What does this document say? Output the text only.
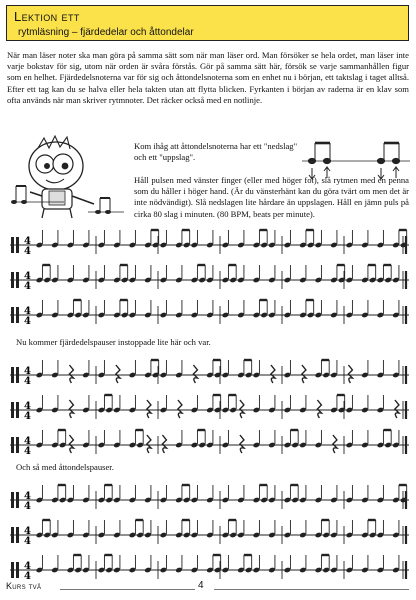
Lektion ett
rytmläsning – fjärdedelar och åttondelar

När man läser noter ska man göra på samma sätt som när man läser ord. Man försöker se hela ordet, man läser inte varje bokstav för sig, utom när orden är svåra förstås. Gör på samma sätt här, försök se varje sammanhållen figur som en helhet. Fjärdedelsnoterna var för sig och åttondelsnoterna som en enhet nu i början, ett taktslag i taget alltså. Efter ett tag kan du se halva eller hela takten utan att flytta blicken. Fyrkanten i början av raderna är en klav som ofta används när man skriver rytmnoter. Det räcker också med en notlinje.

Kom ihåg att åttondelsnoterna har ett "nedslag" och ett "uppslag".

Håll pulsen med vänster finger (eller med höger fot), slå rytmen med en penna som du håller i höger hand. (Är du vänsterhänt kan du göra tvärt om men det är inte nödvändigt). Slå nedslagen lite hårdare än uppslagen. Håll en jämn puls på cirka 80 slag i minuten. (80 BPM, beats per minute).

4
4
4
4
4
4
4
4
4
4
4
4
4
4
4
4
4
4
Nu kommer fjärdedelspauser instoppade lite här och var.
Och så med åttondelspauser.
Kurs två	4
